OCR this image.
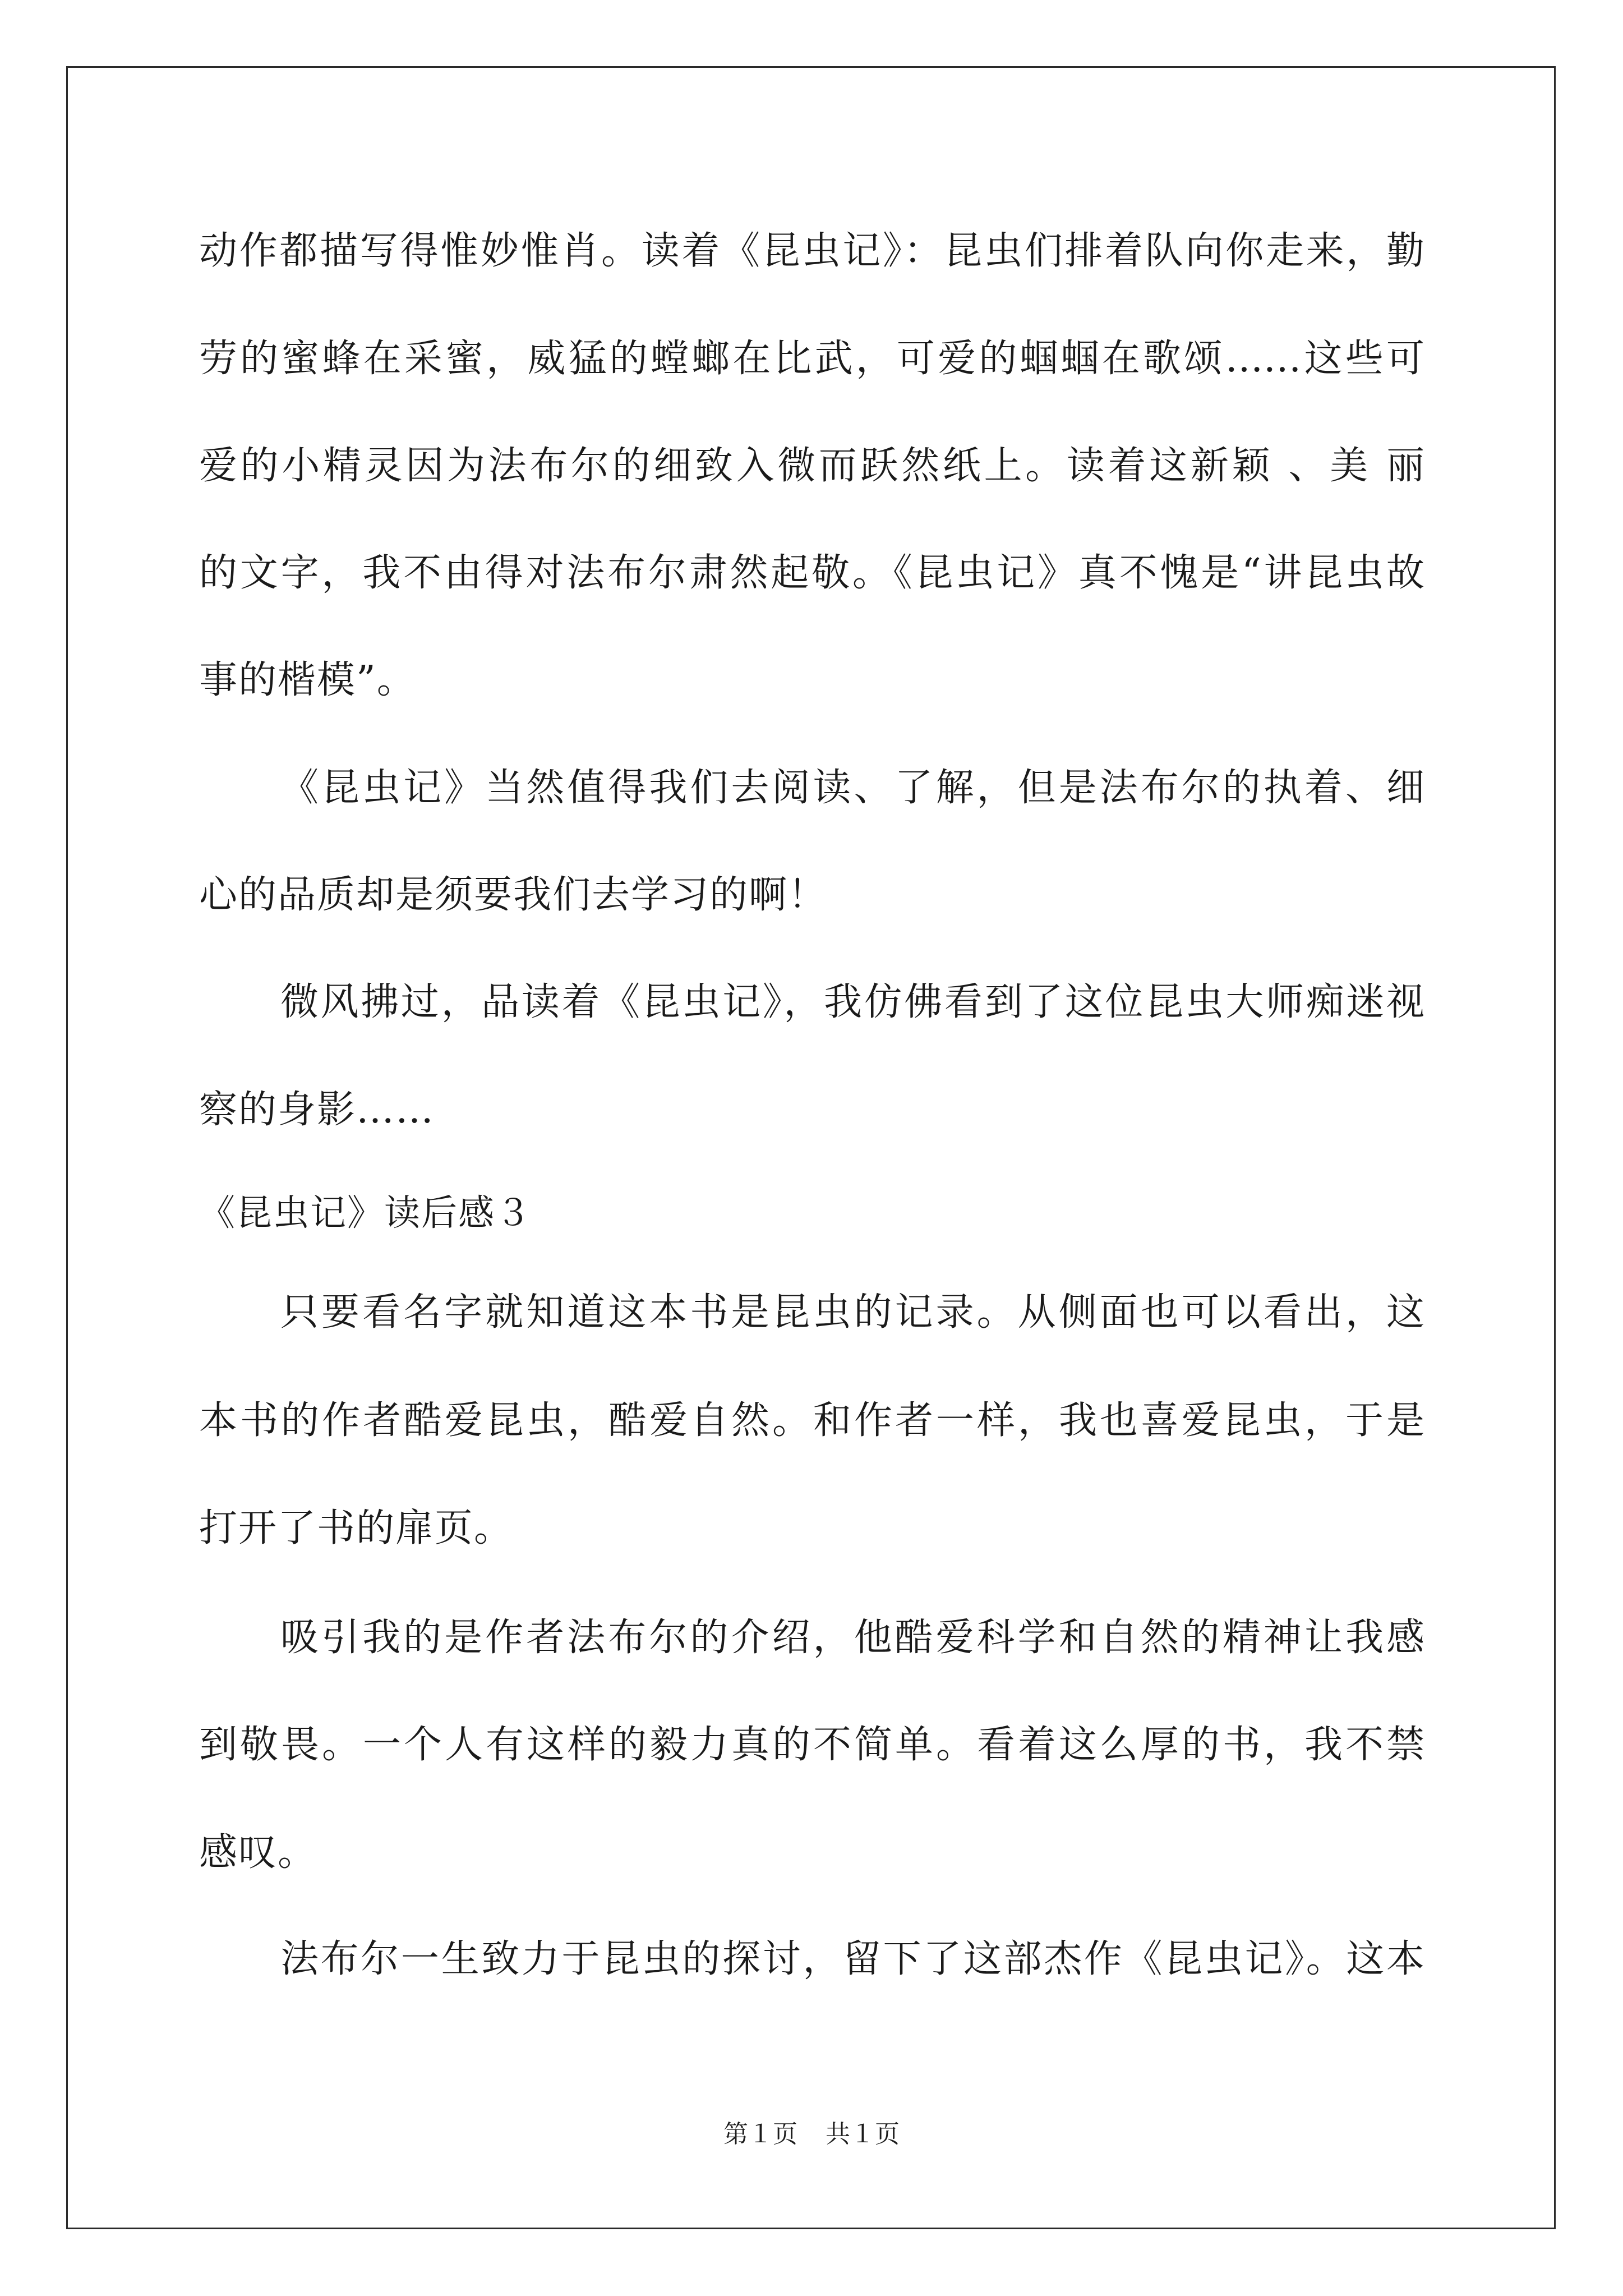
动作都描写得惟妙惟肖。读着《昆虫记》：昆虫们排着队向你走来，勤
劳的蜜蜂在采蜜，威猛的螳螂在比武，可爱的蝈蝈在歌颂……这些可
爱的小精灵因为法布尔的细致入微而跃然纸上。读着这新颖 、美 丽
的文字，我不由得对法布尔肃然起敬。《昆虫记》真不愧是“讲昆虫故
事的楷模”。
《昆虫记》当然值得我们去阅读、了解，但是法布尔的执着、细
心的品质却是须要我们去学习的啊！
微风拂过，品读着《昆虫记》，我仿佛看到了这位昆虫大师痴迷视
察的身影……
《昆虫记》读后感３
只要看名字就知道这本书是昆虫的记录。从侧面也可以看出，这
本书的作者酷爱昆虫，酷爱自然。和作者一样，我也喜爱昆虫，于是
打开了书的扉页。
吸引我的是作者法布尔的介绍，他酷爱科学和自然的精神让我感
到敬畏。一个人有这样的毅力真的不简单。看着这么厚的书，我不禁
感叹。
法布尔一生致力于昆虫的探讨，留下了这部杰作《昆虫记》。这本
第１页 共１页
